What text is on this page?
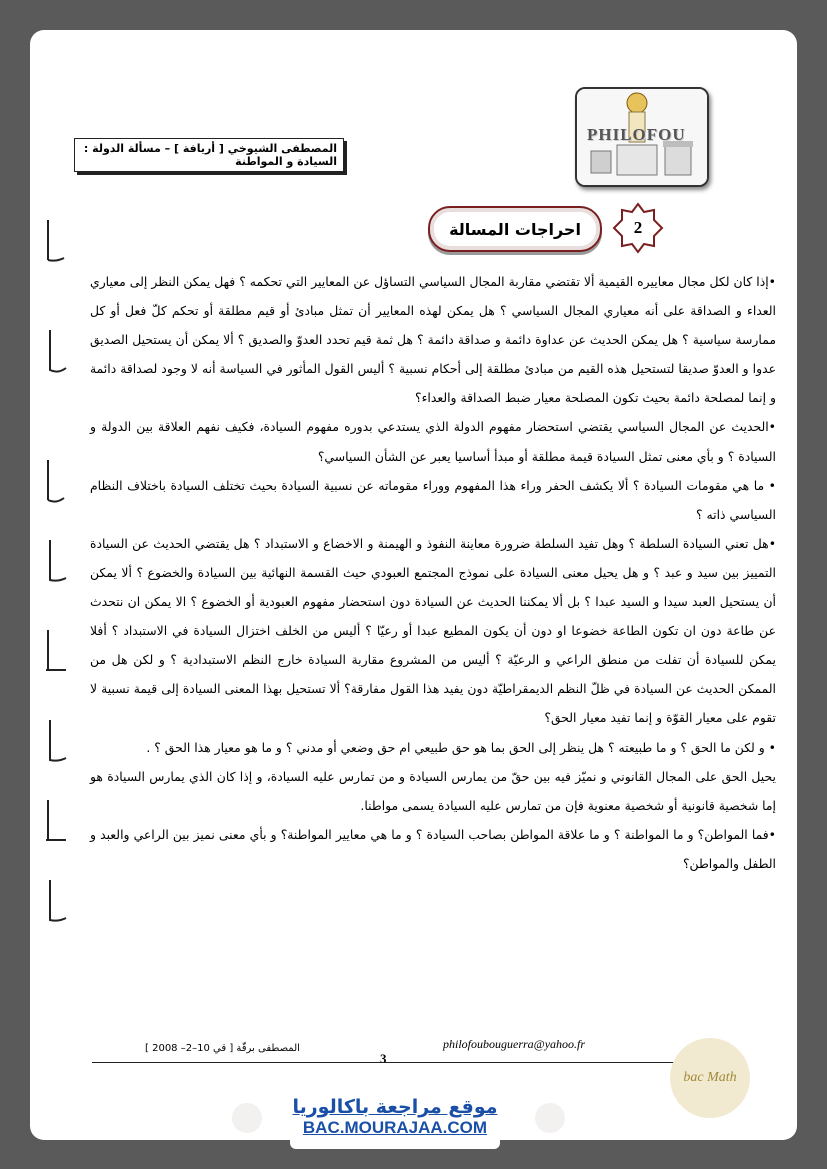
المصطفى الشيوخي [ أريافة ] – مسألة الدولة : السيادة و المواطنة
PHILOFOU
2
احراجات المسالة

•إذا كان لكل مجال معاييره القيمية ألا تقتضي مقاربة المجال السياسي التساؤل عن المعايير التي تحكمه ؟ فهل يمكن النظر إلى معياري العداء و الصداقة على أنه معياري المجال السياسي ؟ هل يمكن لهذه المعايير أن تمثل مبادئ أو قيم مطلقة أو تحكم كلّ فعل أو كل ممارسة سياسية ؟ هل يمكن الحديث عن عداوة دائمة و صداقة دائمة ؟ هل ثمة قيم تحدد العدوّ والصديق ؟ ألا يمكن أن يستحيل الصديق عدوا و العدوّ صديقا لتستحيل هذه القيم من مبادئ مطلقة إلى أحكام نسبية ؟ أليس القول المأثور في السياسة أنه لا وجود لصداقة دائمة و إنما لمصلحة دائمة بحيث تكون المصلحة معيار ضبط الصداقة والعداء؟

•الحديث عن المجال السياسي يقتضي استحضار مفهوم الدولة الذي يستدعي بدوره مفهوم السيادة، فكيف نفهم العلاقة بين الدولة و السيادة ؟ و بأي معنى تمثل السيادة قيمة مطلقة أو مبدأ أساسيا يعبر عن الشأن السياسي؟

• ما هي مقومات السيادة ؟ ألا يكشف الحفر وراء هذا المفهوم ووراء مقوماته عن نسبية السيادة بحيث تختلف السيادة باختلاف النظام السياسي ذاته ؟

•هل تعني السيادة السلطة ؟ وهل تفيد السلطة ضرورة معاينة النفوذ و الهيمنة و الاخضاع و الاستبداد ؟ هل يقتضي الحديث عن السيادة التمييز بين سيد و عبد ؟ و هل يحيل معنى السيادة على نموذج المجتمع العبودي حيث القسمة النهائية بين السيادة والخضوع ؟ ألا يمكن أن يستحيل العبد سيدا و السيد عبدا ؟ بل ألا يمكننا الحديث عن السيادة دون استحضار مفهوم العبودية أو الخضوع ؟ الا يمكن ان نتحدث عن طاعة دون ان تكون الطاعة خضوعا او دون أن يكون المطيع عبدا أو رعيّا ؟ أليس من الخلف اختزال السيادة في الاستبداد ؟ أفلا يمكن للسيادة أن تفلت من منطق الراعي و الرعيّة ؟ أليس من المشروع مقاربة السيادة خارج النظم الاستبدادية ؟ و لكن هل من الممكن الحديث عن السيادة في ظلّ النظم الديمقراطيّة دون يفيد هذا القول مفارقة؟ ألا تستحيل بهذا المعنى السيادة إلى قيمة نسبية لا تقوم على معيار القوّة و إنما تفيد معيار الحق؟

• و لكن ما الحق ؟ و ما طبيعته ؟ هل ينظر إلى الحق بما هو حق طبيعي ام حق وضعي أو مدني ؟ و ما هو معيار هذا الحق ؟ .

يحيل الحق على المجال القانوني و نميّز فيه بين حقّ من يمارس السيادة و من تمارس عليه السيادة، و إذا كان الذي يمارس السيادة هو إما شخصية قانونية أو شخصية معنوية فإن من تمارس عليه السيادة يسمى مواطنا.

•فما المواطن؟ و ما المواطنة ؟ و ما علاقة المواطن بصاحب السيادة ؟ و ما هي معايير المواطنة؟ و بأي معنى نميز بين الراعي والعبد و الطفل والمواطن؟

philofoubouguerra@yahoo.fr
المصطفى برقّة [ قي 10–2– 2008 ]
3
موقع مراجعة باكالوريا
BAC.MOURAJAA.COM
bac Math
